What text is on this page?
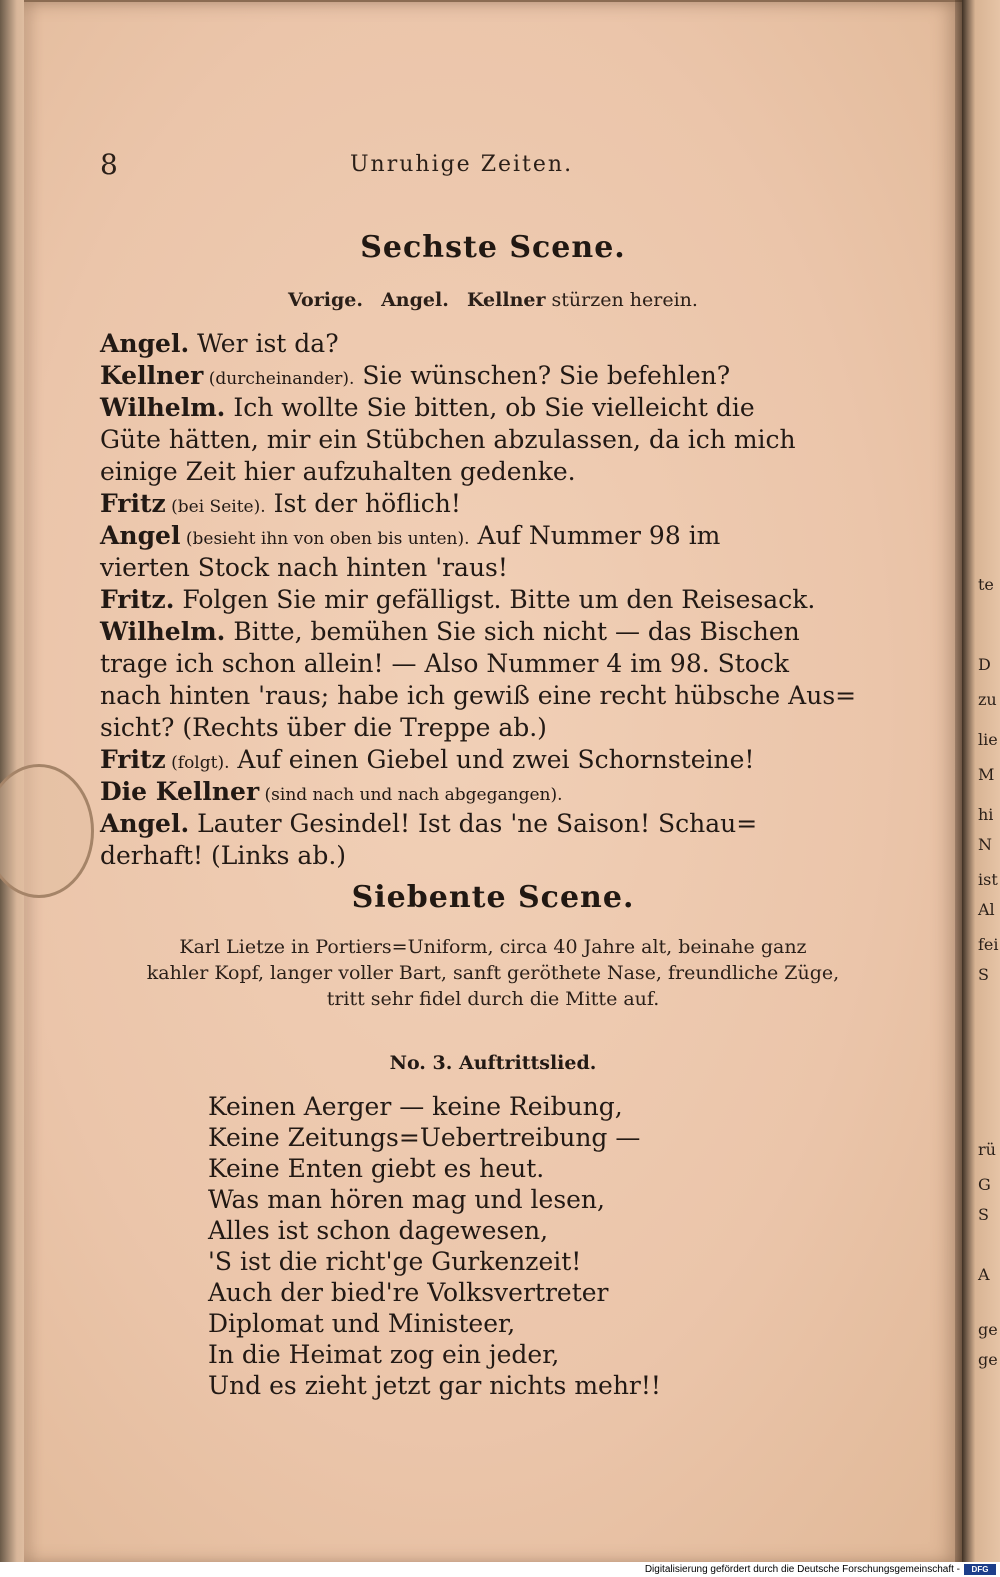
8	Unruhige Zeiten.
Sechste Scene.
Vorige. Angel. Kellner stürzen herein.
Angel. Wer ist da?
Kellner (durcheinander). Sie wünschen? Sie befehlen?
Wilhelm. Ich wollte Sie bitten, ob Sie vielleicht die
Güte hätten, mir ein Stübchen abzulassen, da ich mich
einige Zeit hier aufzuhalten gedenke.
Fritz (bei Seite). Ist der höflich!
Angel (besieht ihn von oben bis unten). Auf Nummer 98 im
vierten Stock nach hinten 'raus!
Fritz. Folgen Sie mir gefälligst. Bitte um den Reisesack.
Wilhelm. Bitte, bemühen Sie sich nicht — das Bischen
trage ich schon allein! — Also Nummer 4 im 98. Stock
nach hinten 'raus; habe ich gewiß eine recht hübsche Aus=
sicht? (Rechts über die Treppe ab.)
Fritz (folgt). Auf einen Giebel und zwei Schornsteine!
Die Kellner (sind nach und nach abgegangen).
Angel. Lauter Gesindel! Ist das 'ne Saison! Schau=
derhaft! (Links ab.)
Siebente Scene.
Karl Lietze in Portiers=Uniform, circa 40 Jahre alt, beinahe ganz
kahler Kopf, langer voller Bart, sanft geröthete Nase, freundliche Züge,
tritt sehr fidel durch die Mitte auf.
No. 3. Auftrittslied.
Keinen Aerger — keine Reibung,
Keine Zeitungs=Uebertreibung —
Keine Enten giebt es heut.
Was man hören mag und lesen,
Alles ist schon dagewesen,
'S ist die richt'ge Gurkenzeit!
Auch der bied're Volksvertreter
Diplomat und Ministeer,
In die Heimat zog ein jeder,
Und es zieht jetzt gar nichts mehr!!
te
D
zu
lie
M
hi
N
ist
Al
fei
S
rü
G
S
A
ge
ge
Digitalisierung gefördert durch die Deutsche Forschungsgemeinschaft -	DFG
